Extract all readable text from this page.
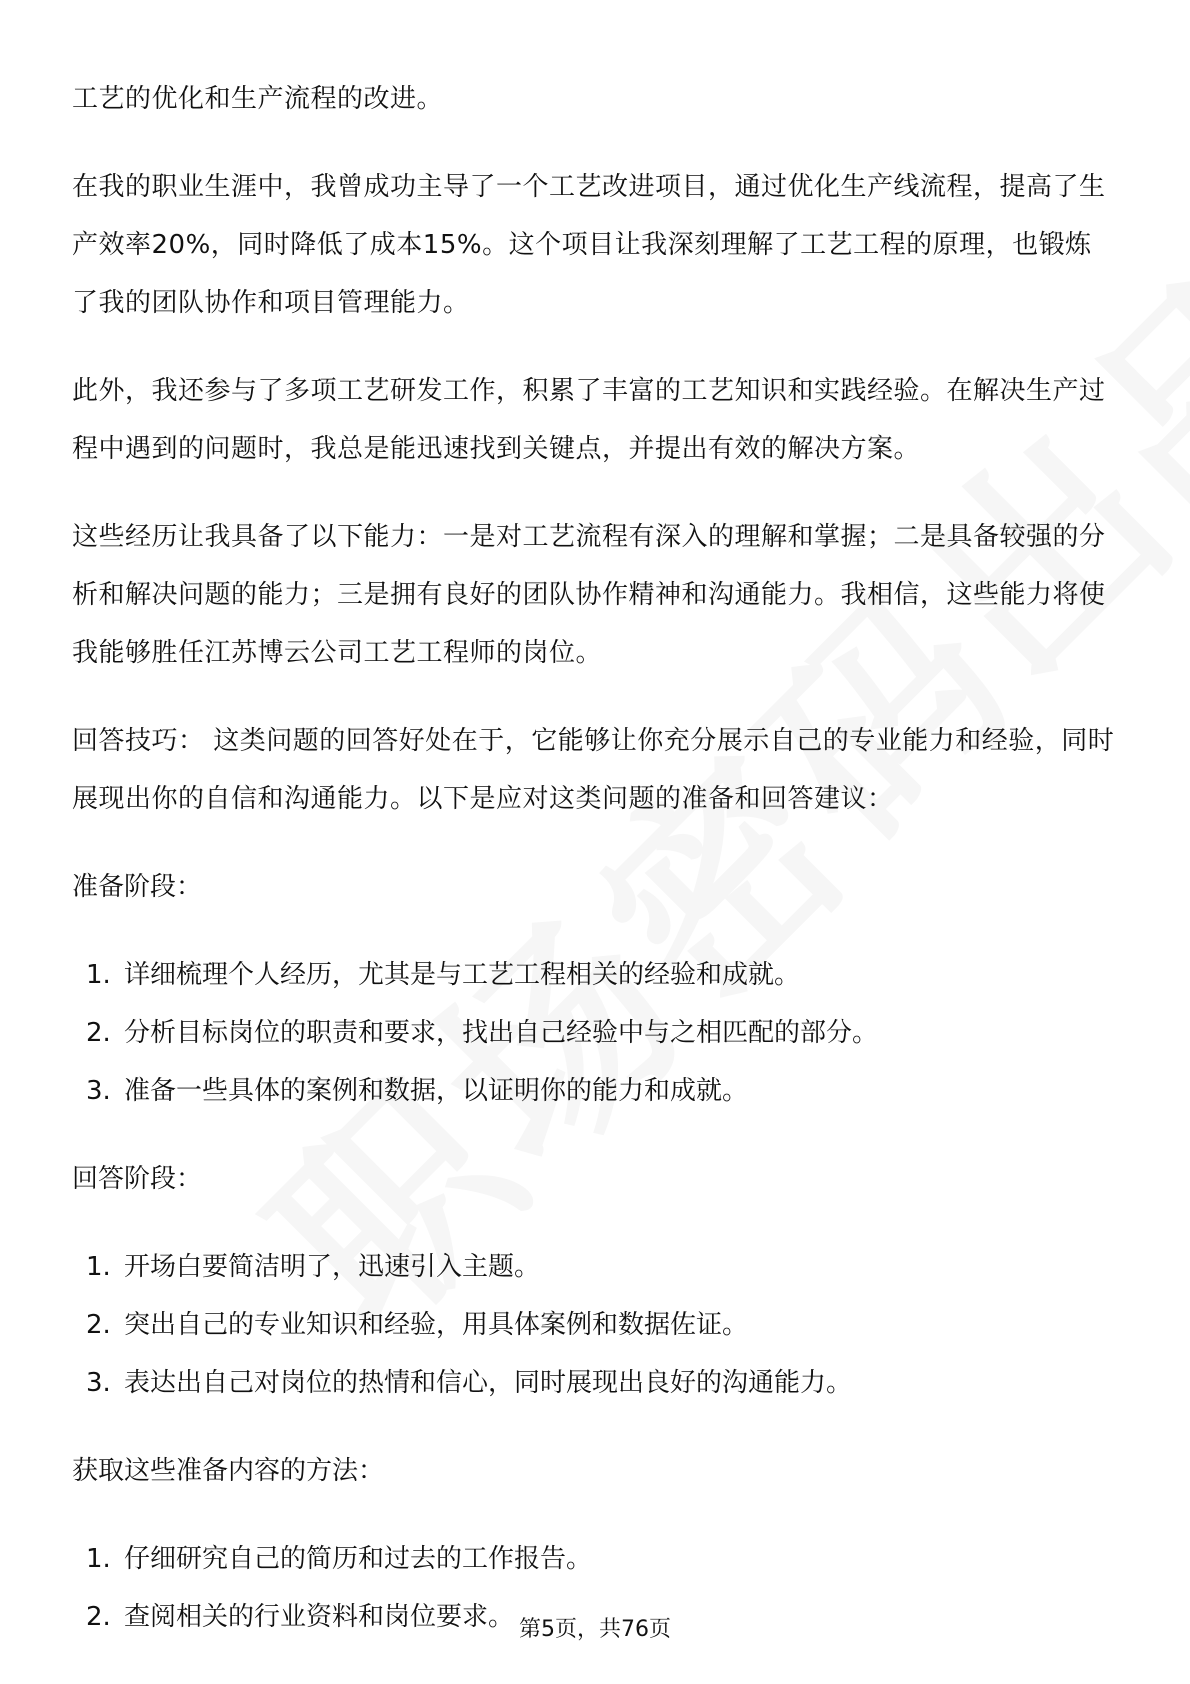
工艺的优化和生产流程的改进。

在我的职业生涯中，我曾成功主导了一个工艺改进项目，通过优化生产线流程，提高了生产效率20%，同时降低了成本15%。这个项目让我深刻理解了工艺工程的原理，也锻炼了我的团队协作和项目管理能力。

此外，我还参与了多项工艺研发工作，积累了丰富的工艺知识和实践经验。在解决生产过程中遇到的问题时，我总是能迅速找到关键点，并提出有效的解决方案。

这些经历让我具备了以下能力：一是对工艺流程有深入的理解和掌握；二是具备较强的分析和解决问题的能力；三是拥有良好的团队协作精神和沟通能力。我相信，这些能力将使我能够胜任江苏博云公司工艺工程师的岗位。

回答技巧： 这类问题的回答好处在于，它能够让你充分展示自己的专业能力和经验，同时展现出你的自信和沟通能力。以下是应对这类问题的准备和回答建议：

准备阶段：
1. 详细梳理个人经历，尤其是与工艺工程相关的经验和成就。
2. 分析目标岗位的职责和要求，找出自己经验中与之相匹配的部分。
3. 准备一些具体的案例和数据，以证明你的能力和成就。
回答阶段：
1. 开场白要简洁明了，迅速引入主题。
2. 突出自己的专业知识和经验，用具体案例和数据佐证。
3. 表达出自己对岗位的热情和信心，同时展现出良好的沟通能力。
获取这些准备内容的方法：
1. 仔细研究自己的简历和过去的工作报告。
2. 查阅相关的行业资料和岗位要求。 第5页，共76页
